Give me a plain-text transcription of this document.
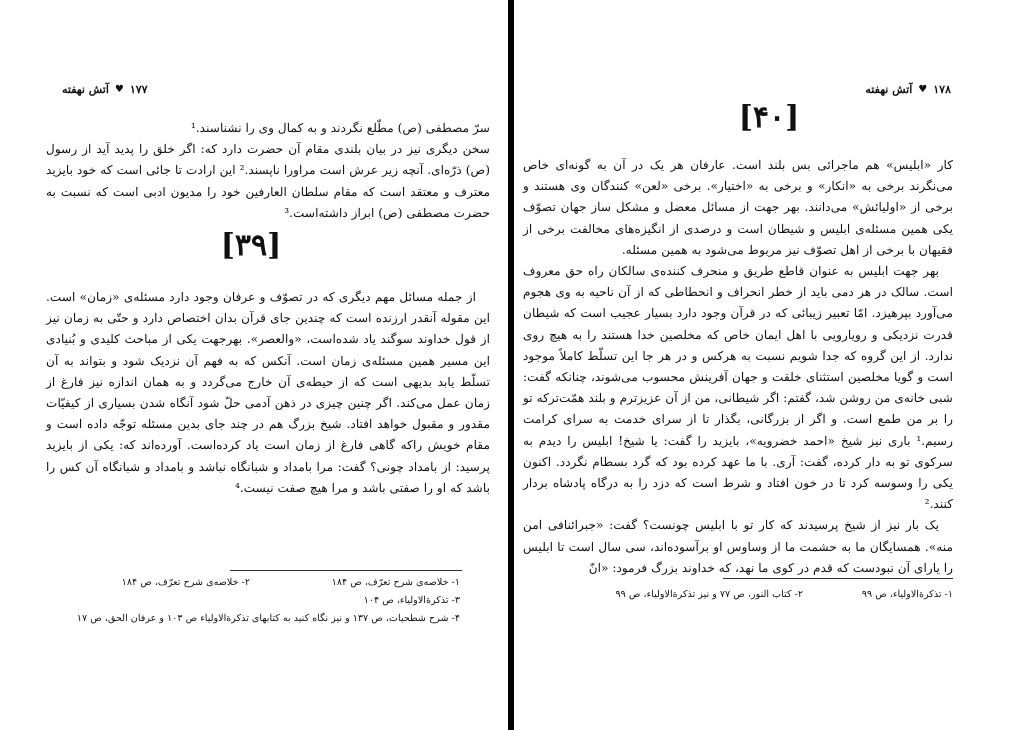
۱۷۷
♥
آتش نهفته

سرّ مصطفی (ص) مطّلع نگردند و به کمال وی را نشناسند.¹

سخن دیگری نیز در بیان بلندی مقام آن حضرت دارد که: اگر خلق را پدید آید از رسول (ص) ذرّه‌ای. آنچه زیر عرش است مراورا ناپسند.² این ارادت تا جائی است که خود بایزید معترف و معتقد است که مقام سلطان العارفین خود را مدیون ادبی است که نسبت به حضرت مصطفی (ص) ابراز داشته‌است.³

[۳۹]

از جمله مسائل مهم دیگری که در تصوّف و عرفان وجود دارد مسئله‌ی «زمان» است. این مقوله آنقدر ارزنده است که چندین جای قرآن بدان اختصاص دارد و حتّی به زمان نیز از قول خداوند سوگند یاد شده‌است، «والعصر». بهرجهت یکی از مباحث کلیدی و بُنیادی این مسیر همین مسئله‌ی زمان است. آنکس که به فهم آن نزدیک شود و بتواند به آن تسلّط یابد بدیهی است که از حیطه‌ی آن خارج می‌گردد و به همان اندازه نیز فارغ از زمان عمل می‌کند. اگر چنین چیزی در ذهن آدمی حلّ شود آنگاه شدن بسیاری از کیفیّات مقدور و مقبول خواهد افتاد. شیخ بزرگ هم در چند جای بدین مسئله توجّه داده است و مقام خویش راکه گاهی فارغ از زمان است یاد کرده‌است. آورده‌اند که: یکی از بایزید پرسید: از بامداد چونی؟ گفت: مرا بامداد و شبانگاه نباشد و بامداد و شبانگاه آن کس را باشد که او را صفتی باشد و مرا هیچ صفت نیست.⁴

۱- خلاصه‌ی شرح تعرّف، ص ۱۸۴
۲- خلاصه‌ی شرح تعرّف، ص ۱۸۴
۳- تذکرةالاولیاء، ص ۱۰۴
۴- شرح شطحیات، ص ۱۳۷ و نیز نگاه کنید به کتابهای تذکرةالاولیاء ص ۱۰۳ و عرفان الحق، ص ۱۷
۱۷۸
♥
آتش نهفته
[۴۰]

کار «ابلیس» هم ماجرائی بس بلند است. عارفان هر یک در آن به گونه‌ای خاص می‌نگرند برخی به «انکار» و برخی به «اختیار». برخی «لعن» کنندگان وی هستند و برخی از «اولیائش» می‌دانند. بهر جهت از مسائل معضل و مشکل ساز جهان تصوّف یکی همین مسئله‌ی ابلیس و شیطان است و درصدی از انگیزه‌های مخالفت برخی از فقیهان با برخی از اهل تصوّف نیز مربوط می‌شود به همین مسئله.

بهر جهت ابلیس به عنوان قاطع طریق و منحرف کننده‌ی سالکان راه حق معروف است. سالک در هر دمی باید از خطر انحراف و انحطاطی که از آن ناحیه به وی هجوم می‌آورد بپرهیزد. امّا تعبیر زیبائی که در قرآن وجود دارد بسیار عجیب است که شیطان قدرت نزدیکی و رویارویی با اهل ایمان خاص که مخلصین خدا هستند را به هیچ روی ندارد. از این گروه که جدا شویم نسبت به هرکس و در هر جا این تسلّط کاملاً موجود است و گویا مخلصین استثنای خلقت و جهان آفرینش محسوب می‌شوند، چنانکه گفت: شبی خانه‌ی من روشن شد، گفتم: اگر شیطانی، من از آن عزیزترم و بلند همّت‌ترکه تو را بر من طمع است. و اگر از بزرگانی، بگذار تا از سرای خدمت به سرای کرامت رسیم.¹ باری نیز شیخ «احمد خضرویه»، بایزید را گفت: یا شیخ! ابلیس را دیدم به سرکوی تو به دار کرده، گفت: آری. با ما عهد کرده بود که گرد بسطام نگردد. اکنون یکی را وسوسه کرد تا در خون افتاد و شرط است که دزد را به درگاه پادشاه بردار کنند.²

یک بار نیز از شیخ پرسیدند که کار تو با ابلیس چونست؟ گفت: «جبرائنافی امن منه». همسایگان ما به حشمت ما از وساوس او برآسوده‌اند، سی سال است تا ابلیس را یارای آن نبودست که قدم در کوی ما نهد، که خداوند بزرگ فرمود: «انّ

۱- تذکرةالاولیاء، ص ۹۹
۲- کتاب النور، ص ۷۷ و نیز تذکرةالاولیاء، ص ۹۹
